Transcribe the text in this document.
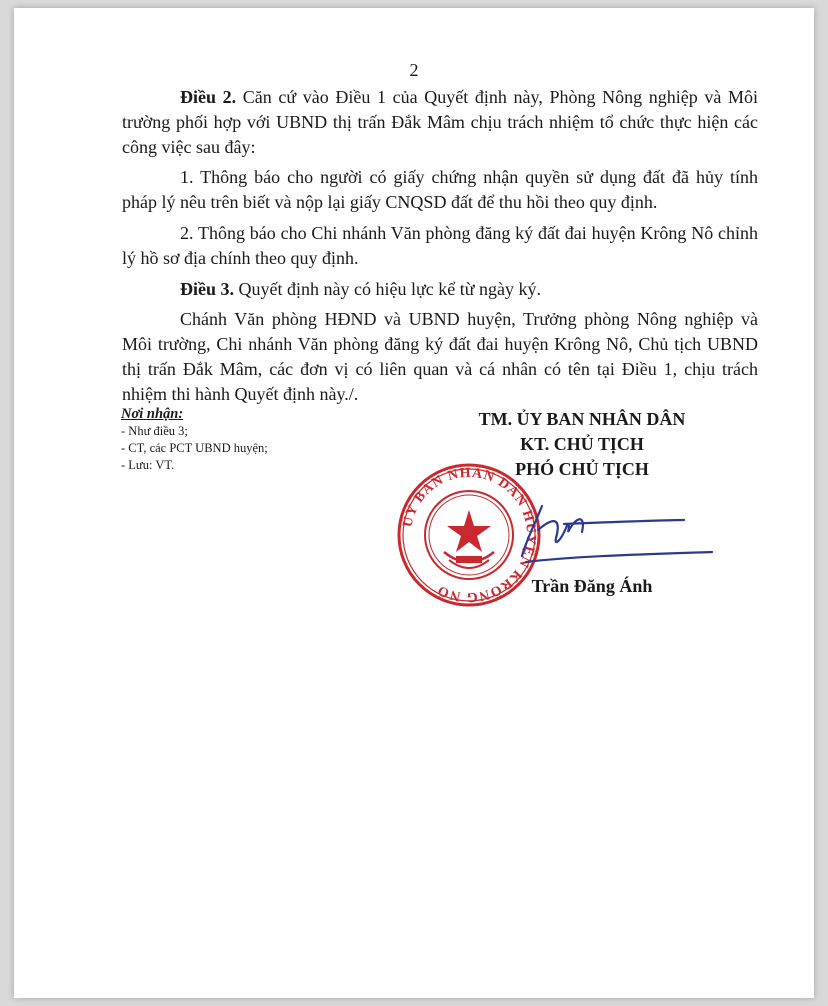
2

Điều 2. Căn cứ vào Điều 1 của Quyết định này, Phòng Nông nghiệp và Môi trường phối hợp với UBND thị trấn Đắk Mâm chịu trách nhiệm tổ chức thực hiện các công việc sau đây:

1. Thông báo cho người có giấy chứng nhận quyền sử dụng đất đã hủy tính pháp lý nêu trên biết và nộp lại giấy CNQSD đất để thu hồi theo quy định.

2. Thông báo cho Chi nhánh Văn phòng đăng ký đất đai huyện Krông Nô chỉnh lý hồ sơ địa chính theo quy định.

Điều 3. Quyết định này có hiệu lực kể từ ngày ký.

Chánh Văn phòng HĐND và UBND huyện, Trưởng phòng Nông nghiệp và Môi trường, Chi nhánh Văn phòng đăng ký đất đai huyện Krông Nô, Chủ tịch UBND thị trấn Đắk Mâm, các đơn vị có liên quan và cá nhân có tên tại Điều 1, chịu trách nhiệm thi hành Quyết định này./.

Nơi nhận:
- Như điều 3;
- CT, các PCT UBND huyện;
- Lưu: VT.
TM. ỦY BAN NHÂN DÂN
KT. CHỦ TỊCH
PHÓ CHỦ TỊCH
ỦY BAN NHÂN DÂN HUYỆN KRÔNG NÔ	Trần Đăng Ánh
